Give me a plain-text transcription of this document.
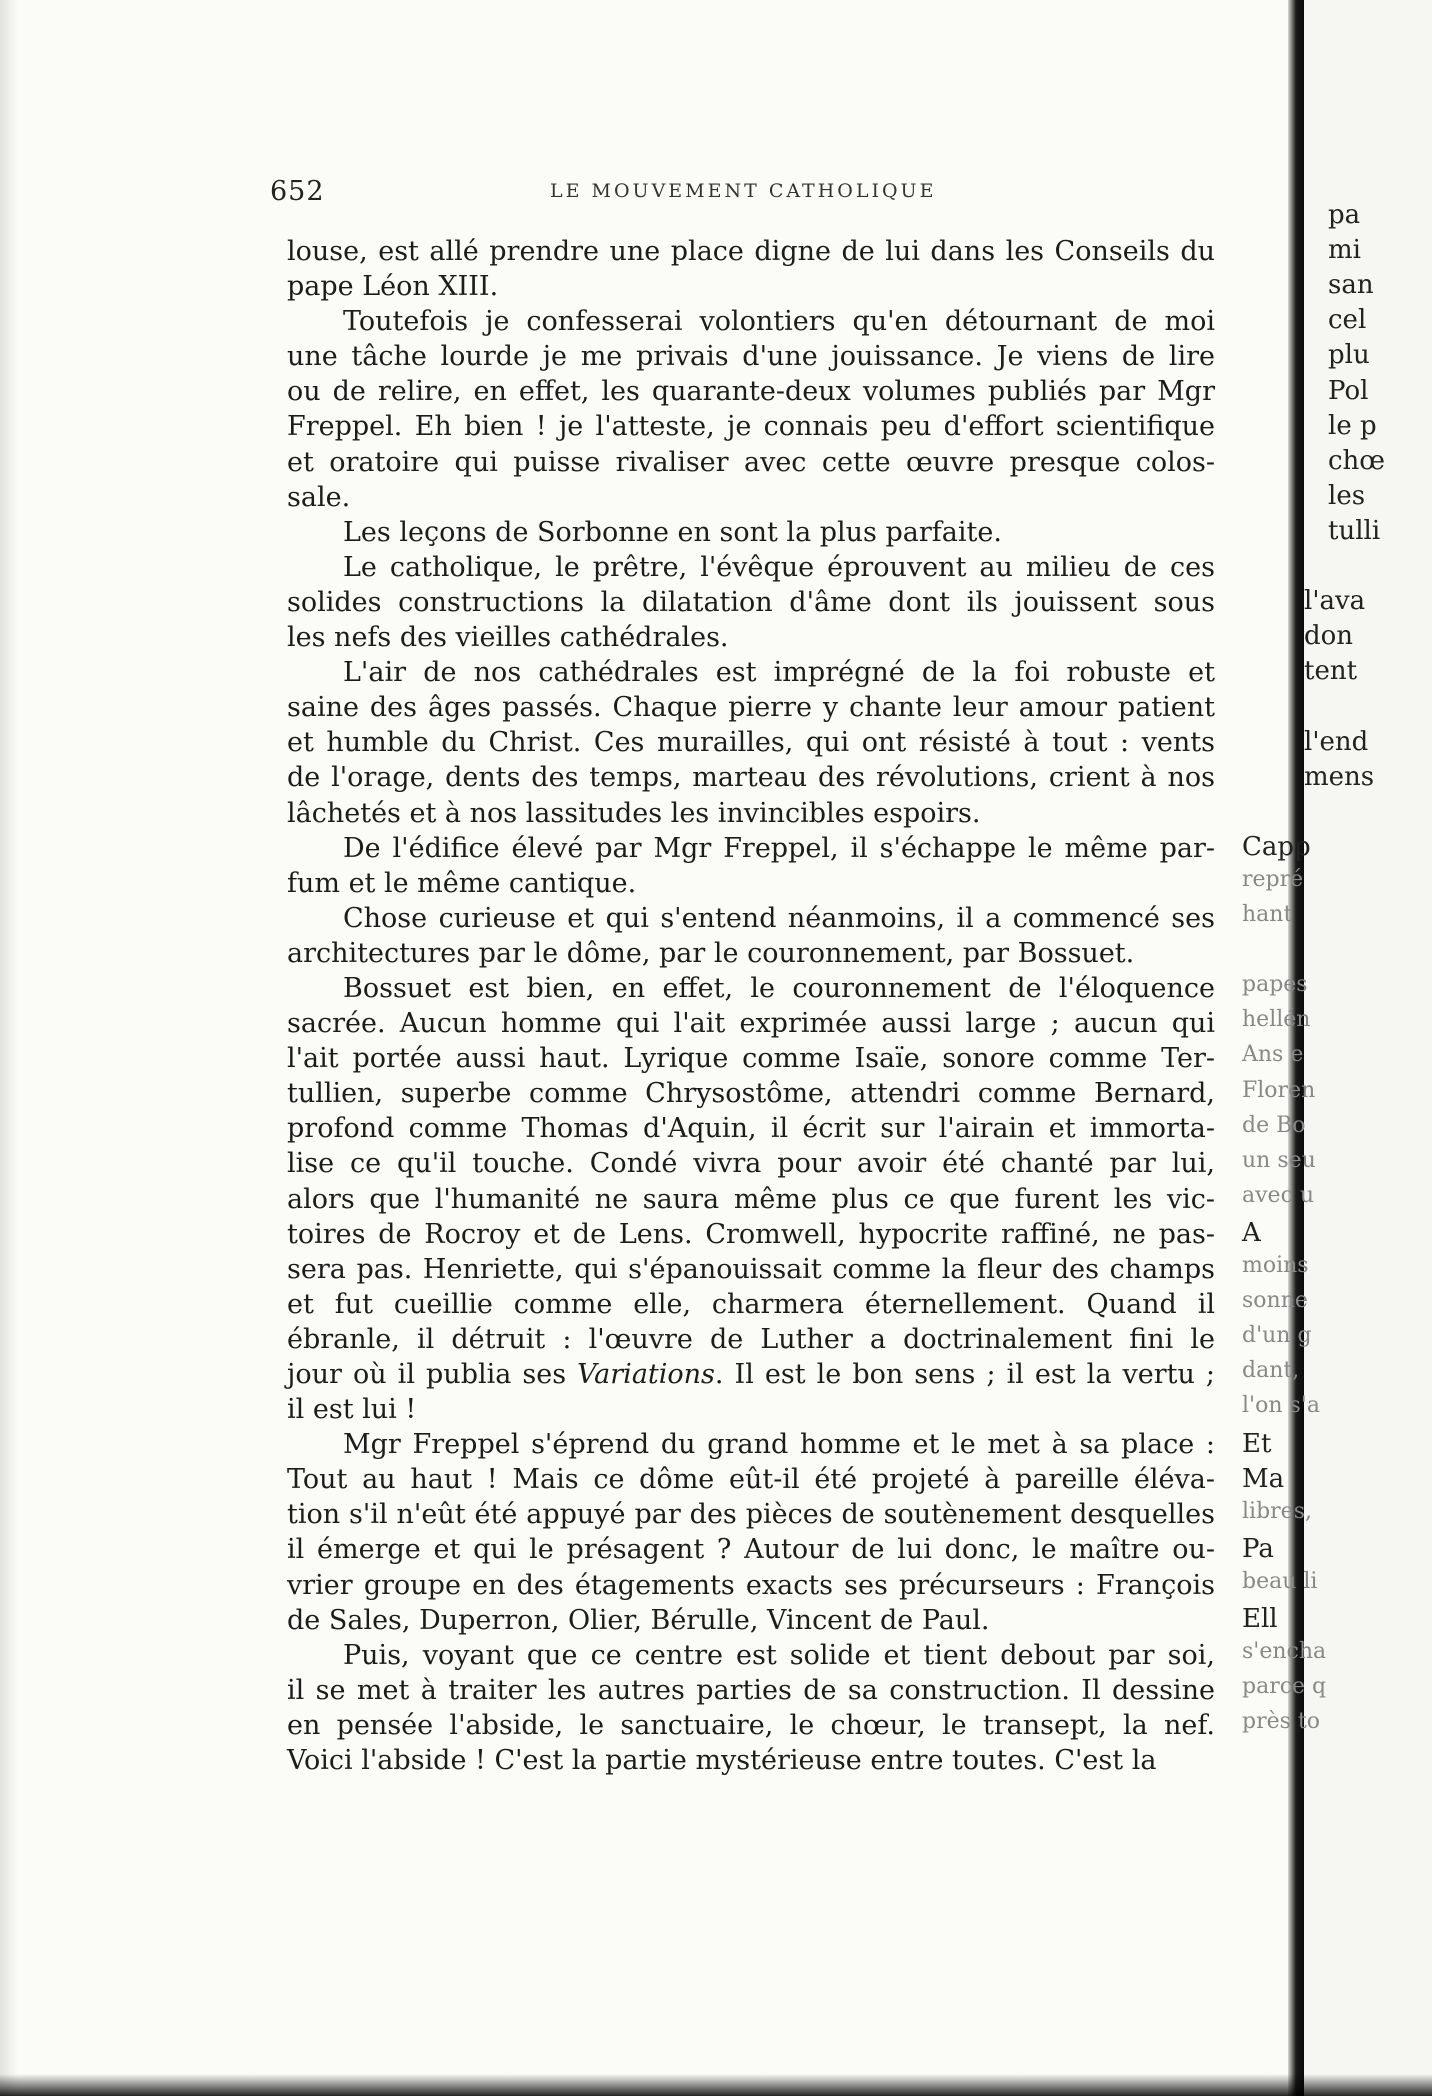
652	LE MOUVEMENT CATHOLIQUE
louse, est allé prendre une place digne de lui dans les Conseils du
pape Léon XIII.
Toutefois je confesserai volontiers qu'en détournant de moi
une tâche lourde je me privais d'une jouissance. Je viens de lire
ou de relire, en effet, les quarante-deux volumes publiés par Mgr
Freppel. Eh bien ! je l'atteste, je connais peu d'effort scientifique
et oratoire qui puisse rivaliser avec cette œuvre presque colos-
sale.
Les leçons de Sorbonne en sont la plus parfaite.
Le catholique, le prêtre, l'évêque éprouvent au milieu de ces
solides constructions la dilatation d'âme dont ils jouissent sous
les nefs des vieilles cathédrales.
L'air de nos cathédrales est imprégné de la foi robuste et
saine des âges passés. Chaque pierre y chante leur amour patient
et humble du Christ. Ces murailles, qui ont résisté à tout : vents
de l'orage, dents des temps, marteau des révolutions, crient à nos
lâchetés et à nos lassitudes les invincibles espoirs.
De l'édifice élevé par Mgr Freppel, il s'échappe le même par-
fum et le même cantique.
Chose curieuse et qui s'entend néanmoins, il a commencé ses
architectures par le dôme, par le couronnement, par Bossuet.
Bossuet est bien, en effet, le couronnement de l'éloquence
sacrée. Aucun homme qui l'ait exprimée aussi large ; aucun qui
l'ait portée aussi haut. Lyrique comme Isaïe, sonore comme Ter-
tullien, superbe comme Chrysostôme, attendri comme Bernard,
profond comme Thomas d'Aquin, il écrit sur l'airain et immorta-
lise ce qu'il touche. Condé vivra pour avoir été chanté par lui,
alors que l'humanité ne saura même plus ce que furent les vic-
toires de Rocroy et de Lens. Cromwell, hypocrite raffiné, ne pas-
sera pas. Henriette, qui s'épanouissait comme la fleur des champs
et fut cueillie comme elle, charmera éternellement. Quand il
ébranle, il détruit : l'œuvre de Luther a doctrinalement fini le
jour où il publia ses Variations. Il est le bon sens ; il est la vertu ;
il est lui !
Mgr Freppel s'éprend du grand homme et le met à sa place :
Tout au haut ! Mais ce dôme eût-il été projeté à pareille éléva-
tion s'il n'eût été appuyé par des pièces de soutènement desquelles
il émerge et qui le présagent ? Autour de lui donc, le maître ou-
vrier groupe en des étagements exacts ses précurseurs : François
de Sales, Duperron, Olier, Bérulle, Vincent de Paul.
Puis, voyant que ce centre est solide et tient debout par soi,
il se met à traiter les autres parties de sa construction. Il dessine
en pensée l'abside, le sanctuaire, le chœur, le transept, la nef.
Voici l'abside ! C'est la partie mystérieuse entre toutes. C'est la
pa
mi
san
cel
plu
Pol
le p
chœ
les
tulli
l'ava
don
tent
l'end
mens
Capp
repré
hant
papes
hellén
Ans e
Floren
de Bo
un seu
avec u
A
moins
sonne
d'un g
dant,
l'on s'a
Et
Ma
libres,
Pa
beau li
Ell
s'encha
parce q
près to
